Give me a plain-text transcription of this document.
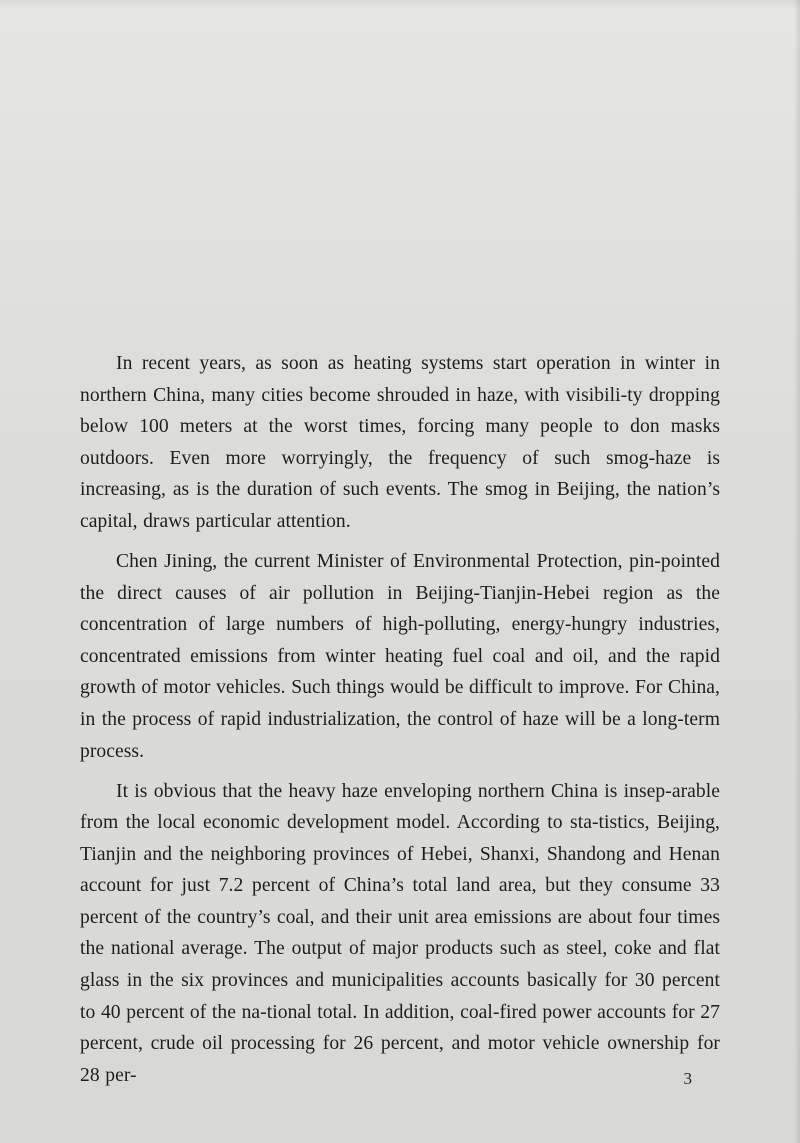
In recent years, as soon as heating systems start operation in winter in northern China, many cities become shrouded in haze, with visibili-ty dropping below 100 meters at the worst times, forcing many people to don masks outdoors. Even more worryingly, the frequency of such smog-haze is increasing, as is the duration of such events. The smog in Beijing, the nation’s capital, draws particular attention.

Chen Jining, the current Minister of Environmental Protection, pin-pointed the direct causes of air pollution in Beijing-Tianjin-Hebei region as the concentration of large numbers of high-polluting, energy-hungry industries, concentrated emissions from winter heating fuel coal and oil, and the rapid growth of motor vehicles. Such things would be difficult to improve. For China, in the process of rapid industrialization, the control of haze will be a long-term process.

It is obvious that the heavy haze enveloping northern China is insep-arable from the local economic development model. According to sta-tistics, Beijing, Tianjin and the neighboring provinces of Hebei, Shanxi, Shandong and Henan account for just 7.2 percent of China’s total land area, but they consume 33 percent of the country’s coal, and their unit area emissions are about four times the national average. The output of major products such as steel, coke and flat glass in the six provinces and municipalities accounts basically for 30 percent to 40 percent of the na-tional total. In addition, coal-fired power accounts for 27 percent, crude oil processing for 26 percent, and motor vehicle ownership for 28 per-	3
